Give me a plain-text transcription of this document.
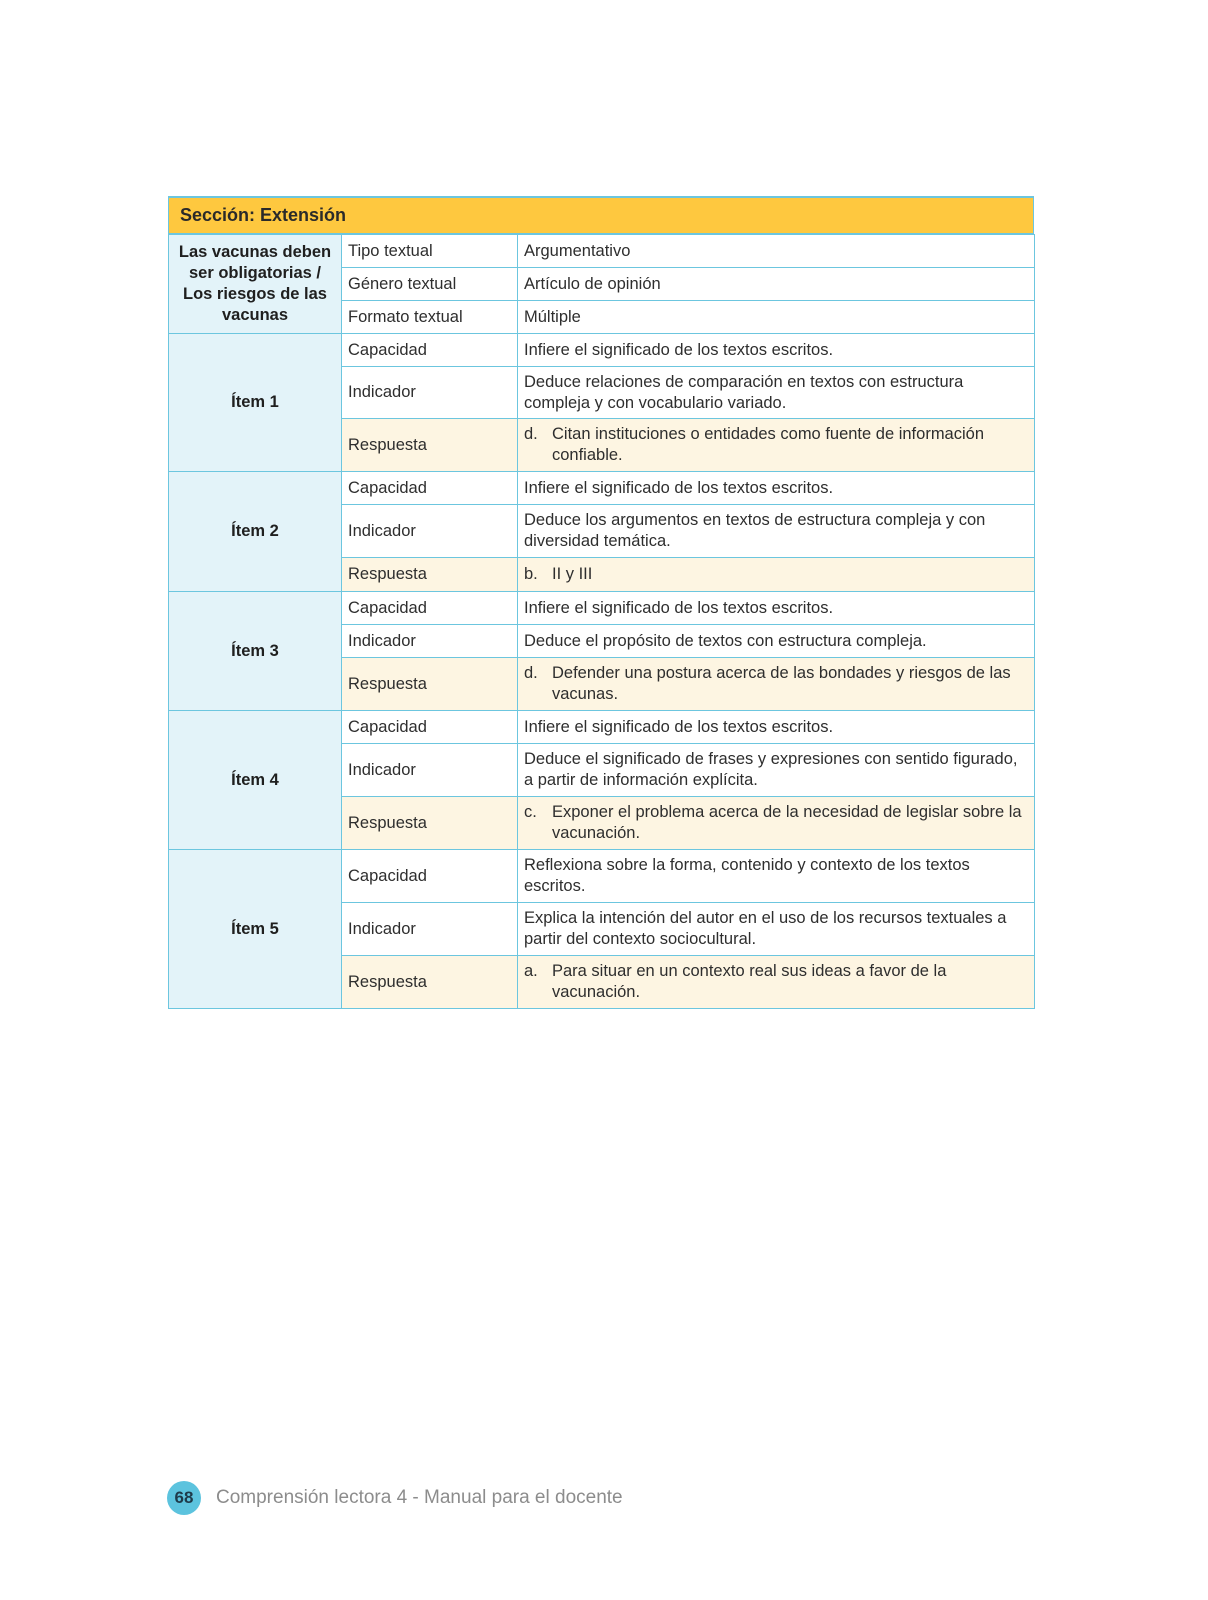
Sección: Extensión
Las vacunas deben ser obligatorias / Los riesgos de las vacunas	Tipo textual	Argumentativo
	Género textual	Artículo de opinión
	Formato textual	Múltiple
Ítem 1	Capacidad	Infiere el significado de los textos escritos.
	Indicador	Deduce relaciones de comparación en textos con estructura compleja y con vocabulario variado.
	Respuesta	d. Citan instituciones o entidades como fuente de información confiable.

Ítem 2	Capacidad	Infiere el significado de los textos escritos.
	Indicador	Deduce los argumentos en textos de estructura compleja y con diversidad temática.
	Respuesta	b. II y III

Ítem 3	Capacidad	Infiere el significado de los textos escritos.
	Indicador	Deduce el propósito de textos con estructura compleja.
	Respuesta	d. Defender una postura acerca de las bondades y riesgos de las vacunas.

Ítem 4	Capacidad	Infiere el significado de los textos escritos.
	Indicador	Deduce el significado de frases y expresiones con sentido figurado, a partir de información explícita.
	Respuesta	c. Exponer el problema acerca de la necesidad de legislar sobre la vacunación.

Ítem 5	Capacidad	Reflexiona sobre la forma, contenido y contexto de los textos escritos.
	Indicador	Explica la intención del autor en el uso de los recursos textuales a partir del contexto sociocultural.
	Respuesta	a. Para situar en un contexto real sus ideas a favor de la vacunación.
68	Comprensión lectora 4 - Manual para el docente
